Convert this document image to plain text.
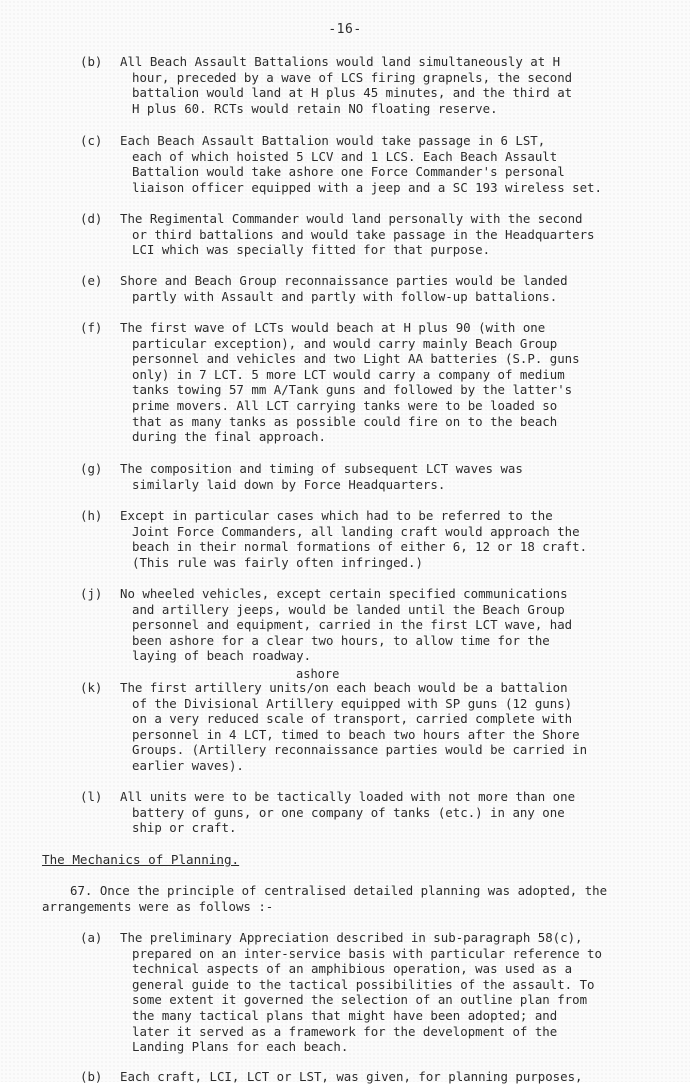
-16-
(b)	All Beach Assault Battalions would land simultaneously at H
hour, preceded by a wave of LCS firing grapnels, the second
battalion would land at H plus 45 minutes, and the third at
H plus 60. RCTs would retain NO floating reserve.
(c)	Each Beach Assault Battalion would take passage in 6 LST,
each of which hoisted 5 LCV and 1 LCS. Each Beach Assault
Battalion would take ashore one Force Commander's personal
liaison officer equipped with a jeep and a SC 193 wireless set.
(d)	The Regimental Commander would land personally with the second
or third battalions and would take passage in the Headquarters
LCI which was specially fitted for that purpose.
(e)	Shore and Beach Group reconnaissance parties would be landed
partly with Assault and partly with follow-up battalions.
(f)	The first wave of LCTs would beach at H plus 90 (with one
particular exception), and would carry mainly Beach Group
personnel and vehicles and two Light AA batteries (S.P. guns
only) in 7 LCT. 5 more LCT would carry a company of medium
tanks towing 57 mm A/Tank guns and followed by the latter's
prime movers. All LCT carrying tanks were to be loaded so
that as many tanks as possible could fire on to the beach
during the final approach.
(g)	The composition and timing of subsequent LCT waves was
similarly laid down by Force Headquarters.
(h)	Except in particular cases which had to be referred to the
Joint Force Commanders, all landing craft would approach the
beach in their normal formations of either 6, 12 or 18 craft.
(This rule was fairly often infringed.)
(j)	No wheeled vehicles, except certain specified communications
and artillery jeeps, would be landed until the Beach Group
personnel and equipment, carried in the first LCT wave, had
been ashore for a clear two hours, to allow time for the
laying of beach roadway.
ashore
(k)	The first artillery units/on each beach would be a battalion
of the Divisional Artillery equipped with SP guns (12 guns)
on a very reduced scale of transport, carried complete with
personnel in 4 LCT, timed to beach two hours after the Shore
Groups. (Artillery reconnaissance parties would be carried in
earlier waves).
(l)	All units were to be tactically loaded with not more than one
battery of guns, or one company of tanks (etc.) in any one
ship or craft.
The Mechanics of Planning.
67. Once the principle of centralised detailed planning was adopted, the
arrangements were as follows :-
(a)	The preliminary Appreciation described in sub-paragraph 58(c),
prepared on an inter-service basis with particular reference to
technical aspects of an amphibious operation, was used as a
general guide to the tactical possibilities of the assault. To
some extent it governed the selection of an outline plan from
the many tactical plans that might have been adopted; and
later it served as a framework for the development of the
Landing Plans for each beach.
(b)	Each craft, LCI, LCT or LST, was given, for planning purposes,
